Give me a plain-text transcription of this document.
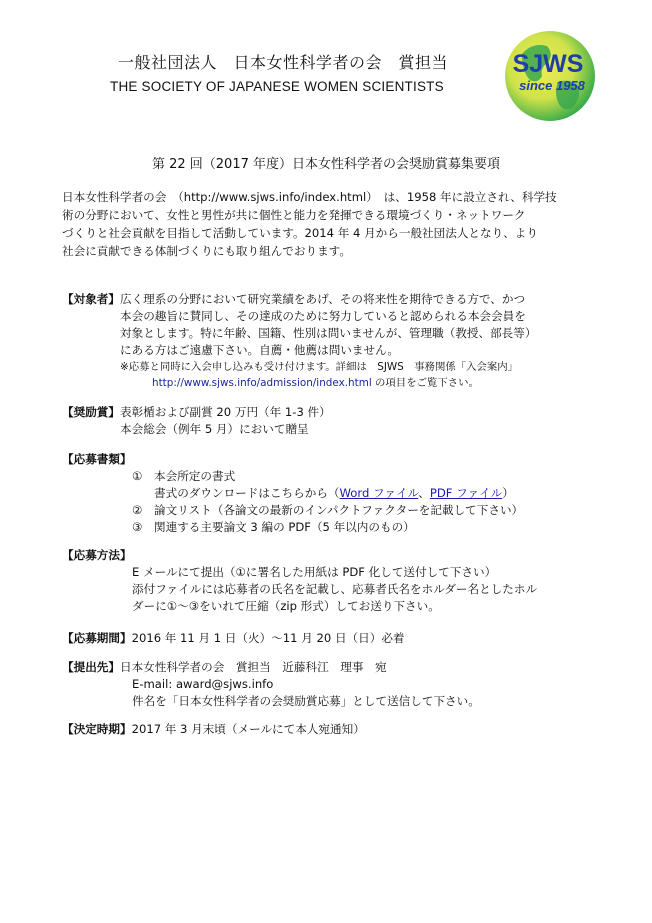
一般社団法人　日本女性科学者の会　賞担当
THE SOCIETY OF JAPANESE WOMEN SCIENTISTS
SJWS
since 1958
第 22 回（2017 年度）日本女性科学者の会奨励賞募集要項

日本女性科学者の会　（http://www.sjws.info/index.html）　は、1958 年に設立され、科学技

術の分野において、女性と男性が共に個性と能力を発揮できる環境づくり・ネットワーク

づくりと社会貢献を目指して活動しています。2014 年 4 月から一般社団法人となり、より

社会に貢献できる体制づくりにも取り組んでおります。

【対象者】広く理系の分野において研究業績をあげ、その将来性を期待できる方で、かつ
本会の趣旨に賛同し、その達成のために努力していると認められる本会会員を
対象とします。特に年齢、国籍、性別は問いませんが、管理職（教授、部長等）
にある方はご遠慮下さい。自薦・他薦は問いません。
※応募と同時に入会申し込みも受け付けます。詳細は　SJWS　事務関係「入会案内」
http://www.sjws.info/admission/index.html の項目をご覧下さい。
【奨励賞】表彰楯および副賞 20 万円（年 1-3 件）
本会総会（例年 5 月）において贈呈
【応募書類】
① 本会所定の書式
書式のダウンロードはこちらから（Word ファイル、PDF ファイル）
② 論文リスト（各論文の最新のインパクトファクターを記載して下さい）
③ 関連する主要論文 3 編の PDF（5 年以内のもの）
【応募方法】
E メールにて提出（①に署名した用紙は PDF 化して送付して下さい）
添付ファイルには応募者の氏名を記載し、応募者氏名をホルダー名としたホル
ダーに①～③をいれて圧縮（zip 形式）してお送り下さい。
【応募期間】2016 年 11 月 1 日（火）～11 月 20 日（日）必着
【提出先】日本女性科学者の会　賞担当　近藤科江　理事　宛
E-mail: award@sjws.info
件名を「日本女性科学者の会奨励賞応募」として送信して下さい。
【決定時期】2017 年 3 月末頃（メールにて本人宛通知）
